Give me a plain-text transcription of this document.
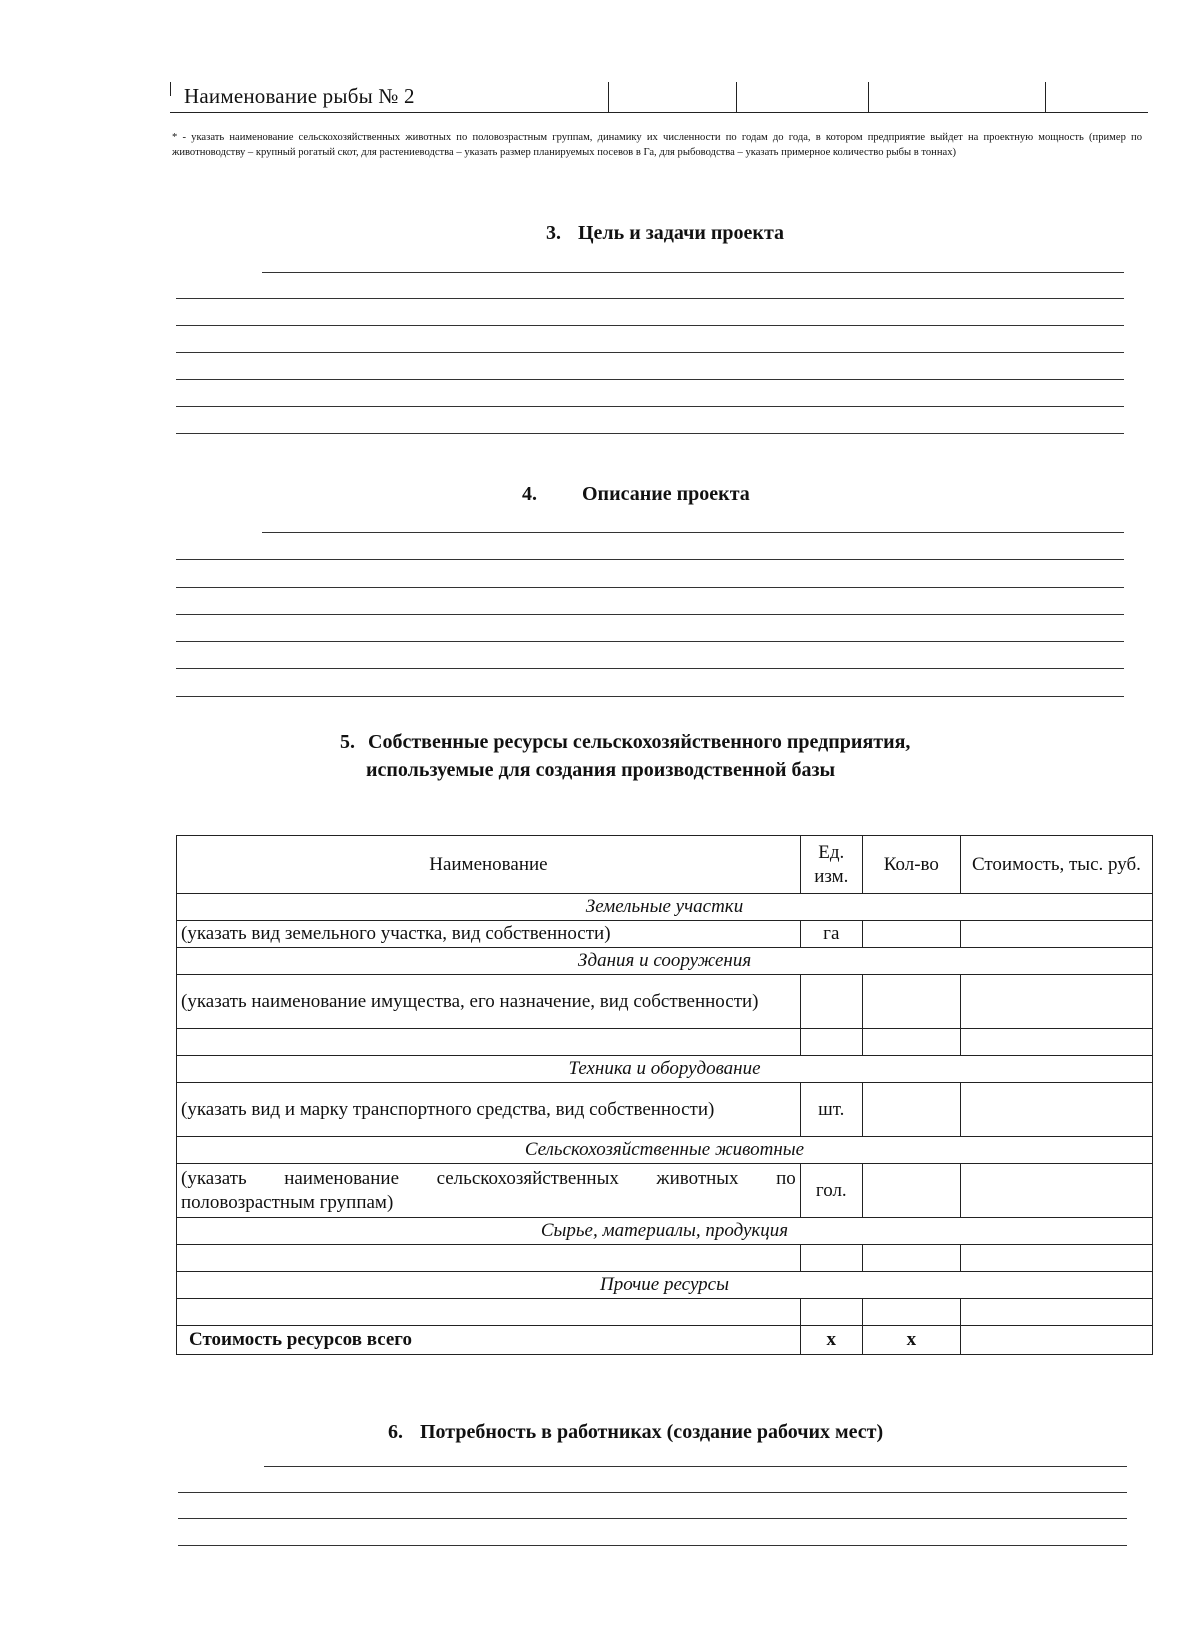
Наименование рыбы № 2
* - указать наименование сельскохозяйственных животных по половозрастным группам, динамику их численности по годам до года, в котором предприятие выйдет на проектную мощность (пример по животноводству – крупный рогатый скот, для растениеводства – указать размер планируемых посевов в Га, для рыбоводства – указать примерное количество рыбы в тоннах)
3. Цель и задачи проекта
4. Описание проекта
5. Собственные ресурсы сельскохозяйственного предприятия,
используемые для создания производственной базы
Наименование	Ед. изм.	Кол-во	Стоимость, тыс. руб.
Земельные участки			
(указать вид земельного участка, вид собственности)	га		
Здания и сооружения			
(указать наименование имущества, его назначение, вид собственности)			

Техника и оборудование			
(указать вид и марку транспортного средства, вид собственности)	шт.		
Сельскохозяйственные животные			
(указать наименование сельскохозяйственных животных по половозрастным группам)	гол.		
Сырье, материалы, продукция			

Прочие ресурсы			

Стоимость ресурсов всего	х	х	
6. Потребность в работниках (создание рабочих мест)
